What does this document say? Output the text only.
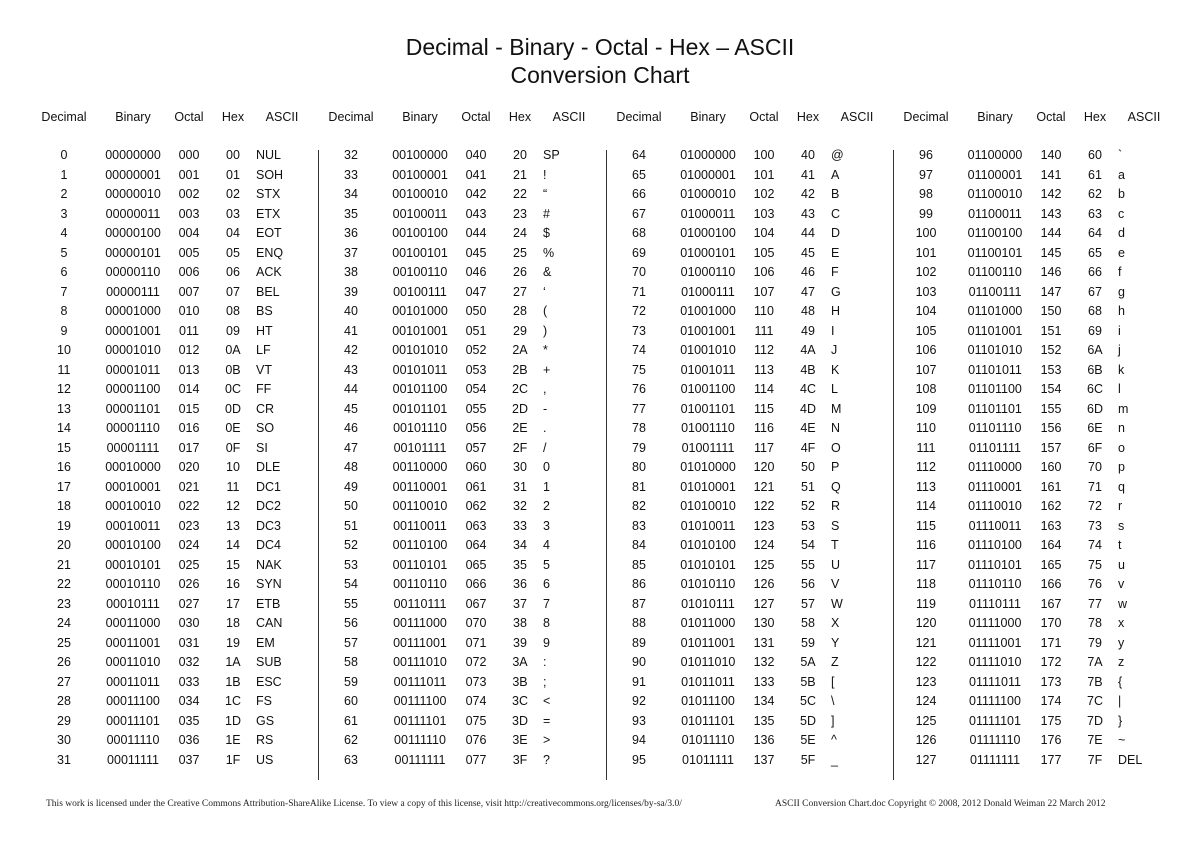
Decimal - Binary - Octal - Hex – ASCII
Conversion Chart
Decimal	Binary	Octal	Hex	ASCII
0	00000000	000	00	NUL
1	00000001	001	01	SOH
2	00000010	002	02	STX
3	00000011	003	03	ETX
4	00000100	004	04	EOT
5	00000101	005	05	ENQ
6	00000110	006	06	ACK
7	00000111	007	07	BEL
8	00001000	010	08	BS
9	00001001	011	09	HT
10	00001010	012	0A	LF
11	00001011	013	0B	VT
12	00001100	014	0C	FF
13	00001101	015	0D	CR
14	00001110	016	0E	SO
15	00001111	017	0F	SI
16	00010000	020	10	DLE
17	00010001	021	11	DC1
18	00010010	022	12	DC2
19	00010011	023	13	DC3
20	00010100	024	14	DC4
21	00010101	025	15	NAK
22	00010110	026	16	SYN
23	00010111	027	17	ETB
24	00011000	030	18	CAN
25	00011001	031	19	EM
26	00011010	032	1A	SUB
27	00011011	033	1B	ESC
28	00011100	034	1C	FS
29	00011101	035	1D	GS
30	00011110	036	1E	RS
31	00011111	037	1F	US
Decimal	Binary	Octal	Hex	ASCII
32	00100000	040	20	SP
33	00100001	041	21	!
34	00100010	042	22	“
35	00100011	043	23	#
36	00100100	044	24	$
37	00100101	045	25	%
38	00100110	046	26	&
39	00100111	047	27	‘
40	00101000	050	28	(
41	00101001	051	29	)
42	00101010	052	2A	*
43	00101011	053	2B	+
44	00101100	054	2C	,
45	00101101	055	2D	-
46	00101110	056	2E	.
47	00101111	057	2F	/
48	00110000	060	30	0
49	00110001	061	31	1
50	00110010	062	32	2
51	00110011	063	33	3
52	00110100	064	34	4
53	00110101	065	35	5
54	00110110	066	36	6
55	00110111	067	37	7
56	00111000	070	38	8
57	00111001	071	39	9
58	00111010	072	3A	:
59	00111011	073	3B	;
60	00111100	074	3C	<
61	00111101	075	3D	=
62	00111110	076	3E	>
63	00111111	077	3F	?
Decimal	Binary	Octal	Hex	ASCII
64	01000000	100	40	@
65	01000001	101	41	A
66	01000010	102	42	B
67	01000011	103	43	C
68	01000100	104	44	D
69	01000101	105	45	E
70	01000110	106	46	F
71	01000111	107	47	G
72	01001000	110	48	H
73	01001001	111	49	I
74	01001010	112	4A	J
75	01001011	113	4B	K
76	01001100	114	4C	L
77	01001101	115	4D	M
78	01001110	116	4E	N
79	01001111	117	4F	O
80	01010000	120	50	P
81	01010001	121	51	Q
82	01010010	122	52	R
83	01010011	123	53	S
84	01010100	124	54	T
85	01010101	125	55	U
86	01010110	126	56	V
87	01010111	127	57	W
88	01011000	130	58	X
89	01011001	131	59	Y
90	01011010	132	5A	Z
91	01011011	133	5B	[
92	01011100	134	5C	\
93	01011101	135	5D	]
94	01011110	136	5E	^
95	01011111	137	5F	_
Decimal	Binary	Octal	Hex	ASCII
96	01100000	140	60	`
97	01100001	141	61	a
98	01100010	142	62	b
99	01100011	143	63	c
100	01100100	144	64	d
101	01100101	145	65	e
102	01100110	146	66	f
103	01100111	147	67	g
104	01101000	150	68	h
105	01101001	151	69	i
106	01101010	152	6A	j
107	01101011	153	6B	k
108	01101100	154	6C	l
109	01101101	155	6D	m
110	01101110	156	6E	n
111	01101111	157	6F	o
112	01110000	160	70	p
113	01110001	161	71	q
114	01110010	162	72	r
115	01110011	163	73	s
116	01110100	164	74	t
117	01110101	165	75	u
118	01110110	166	76	v
119	01110111	167	77	w
120	01111000	170	78	x
121	01111001	171	79	y
122	01111010	172	7A	z
123	01111011	173	7B	{
124	01111100	174	7C	|
125	01111101	175	7D	}
126	01111110	176	7E	~
127	01111111	177	7F	DEL
This work is licensed under the Creative Commons Attribution-ShareAlike License. To view a copy of this license, visit http://creativecommons.org/licenses/by-sa/3.0/	ASCII Conversion Chart.doc Copyright © 2008, 2012 Donald Weiman 22 March 2012
